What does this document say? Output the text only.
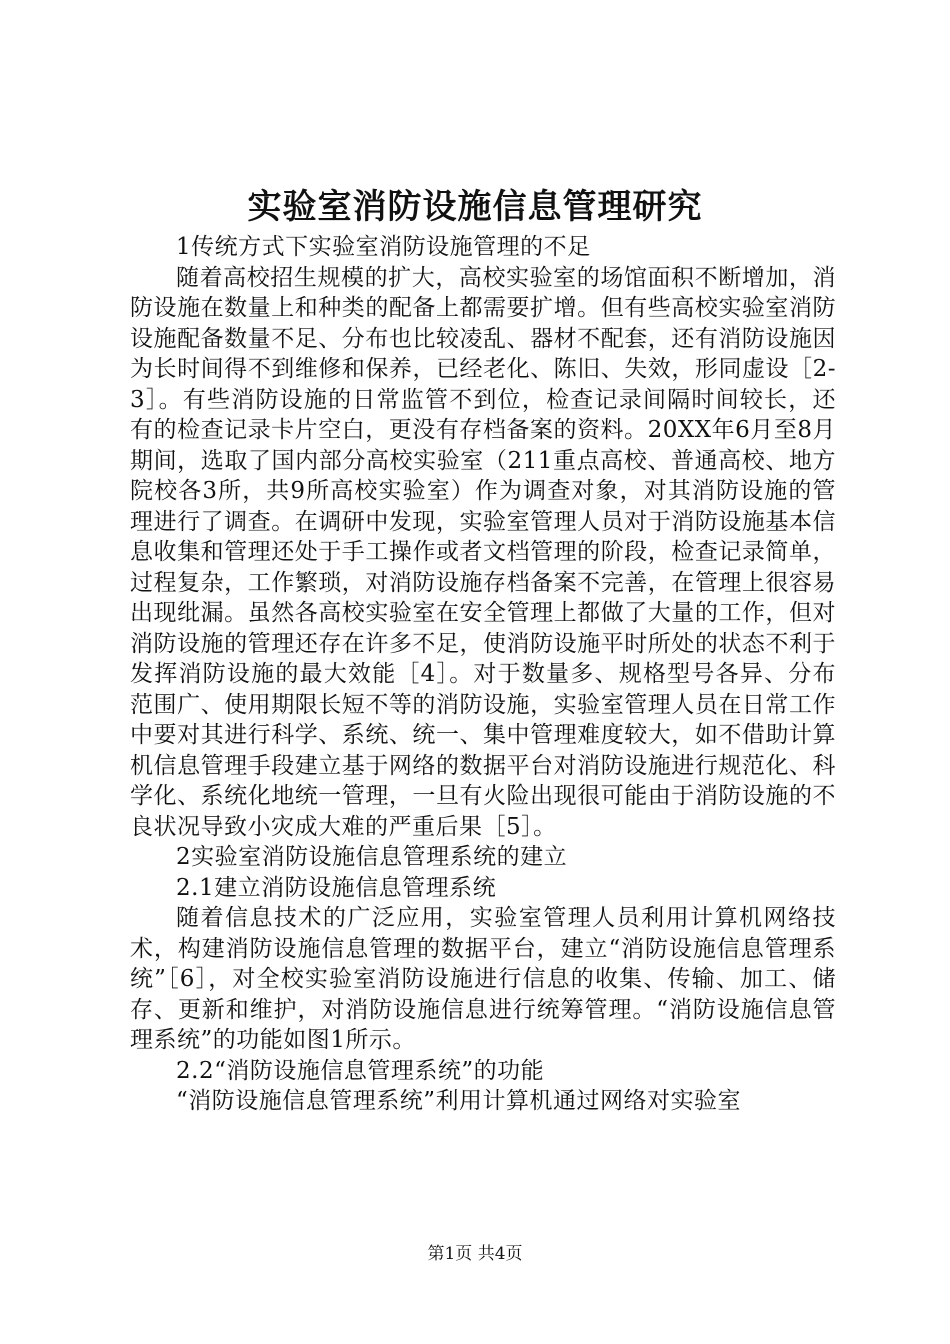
实验室消防设施信息管理研究

1传统方式下实验室消防设施管理的不足

随着高校招生规模的扩大，高校实验室的场馆面积不断增加，消防设施在数量上和种类的配备上都需要扩增。但有些高校实验室消防设施配备数量不足、分布也比较凌乱、器材不配套，还有消防设施因为长时间得不到维修和保养，已经老化、陈旧、失效，形同虚设［2-3］。有些消防设施的日常监管不到位，检查记录间隔时间较长，还有的检查记录卡片空白，更没有存档备案的资料。20XX年6月至8月期间，选取了国内部分高校实验室（211重点高校、普通高校、地方院校各3所，共9所高校实验室）作为调查对象，对其消防设施的管理进行了调查。在调研中发现，实验室管理人员对于消防设施基本信息收集和管理还处于手工操作或者文档管理的阶段，检查记录简单，过程复杂，工作繁琐，对消防设施存档备案不完善，在管理上很容易出现纰漏。虽然各高校实验室在安全管理上都做了大量的工作，但对消防设施的管理还存在许多不足，使消防设施平时所处的状态不利于发挥消防设施的最大效能［4］。对于数量多、规格型号各异、分布范围广、使用期限长短不等的消防设施，实验室管理人员在日常工作中要对其进行科学、系统、统一、集中管理难度较大，如不借助计算机信息管理手段建立基于网络的数据平台对消防设施进行规范化、科学化、系统化地统一管理，一旦有火险出现很可能由于消防设施的不良状况导致小灾成大难的严重后果［5］。

2实验室消防设施信息管理系统的建立

2.1建立消防设施信息管理系统

随着信息技术的广泛应用，实验室管理人员利用计算机网络技术，构建消防设施信息管理的数据平台，建立“消防设施信息管理系统”［6］，对全校实验室消防设施进行信息的收集、传输、加工、储存、更新和维护，对消防设施信息进行统筹管理。“消防设施信息管理系统”的功能如图1所示。

2.2“消防设施信息管理系统”的功能

“消防设施信息管理系统”利用计算机通过网络对实验室

第1页 共4页
